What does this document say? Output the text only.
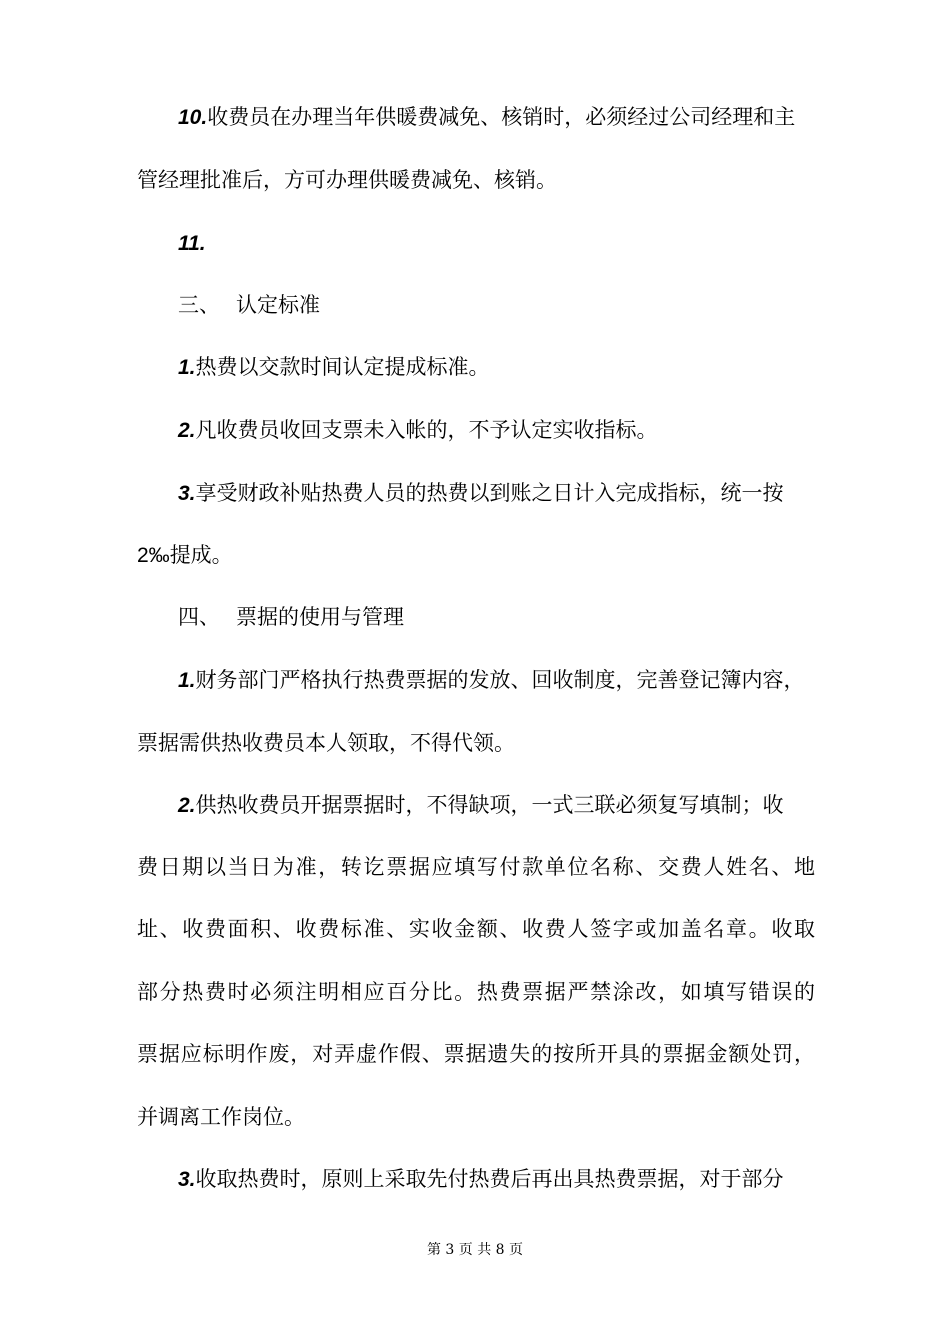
10.收费员在办理当年供暖费减免、核销时，必须经过公司经理和主
管经理批准后，方可办理供暖费减免、核销。
11.
三、 认定标准
1.热费以交款时间认定提成标准。
2.凡收费员收回支票未入帐的，不予认定实收指标。
3.享受财政补贴热费人员的热费以到账之日计入完成指标，统一按
2‰提成。
四、 票据的使用与管理
1.财务部门严格执行热费票据的发放、回收制度，完善登记簿内容，
票据需供热收费员本人领取，不得代领。
2.供热收费员开据票据时，不得缺项，一式三联必须复写填制；收
费日期以当日为准，转讫票据应填写付款单位名称、交费人姓名、地
址、收费面积、收费标准、实收金额、收费人签字或加盖名章。收取
部分热费时必须注明相应百分比。热费票据严禁涂改，如填写错误的
票据应标明作废，对弄虚作假、票据遗失的按所开具的票据金额处罚，
并调离工作岗位。
3.收取热费时，原则上采取先付热费后再出具热费票据，对于部分
第 3 页 共 8 页
